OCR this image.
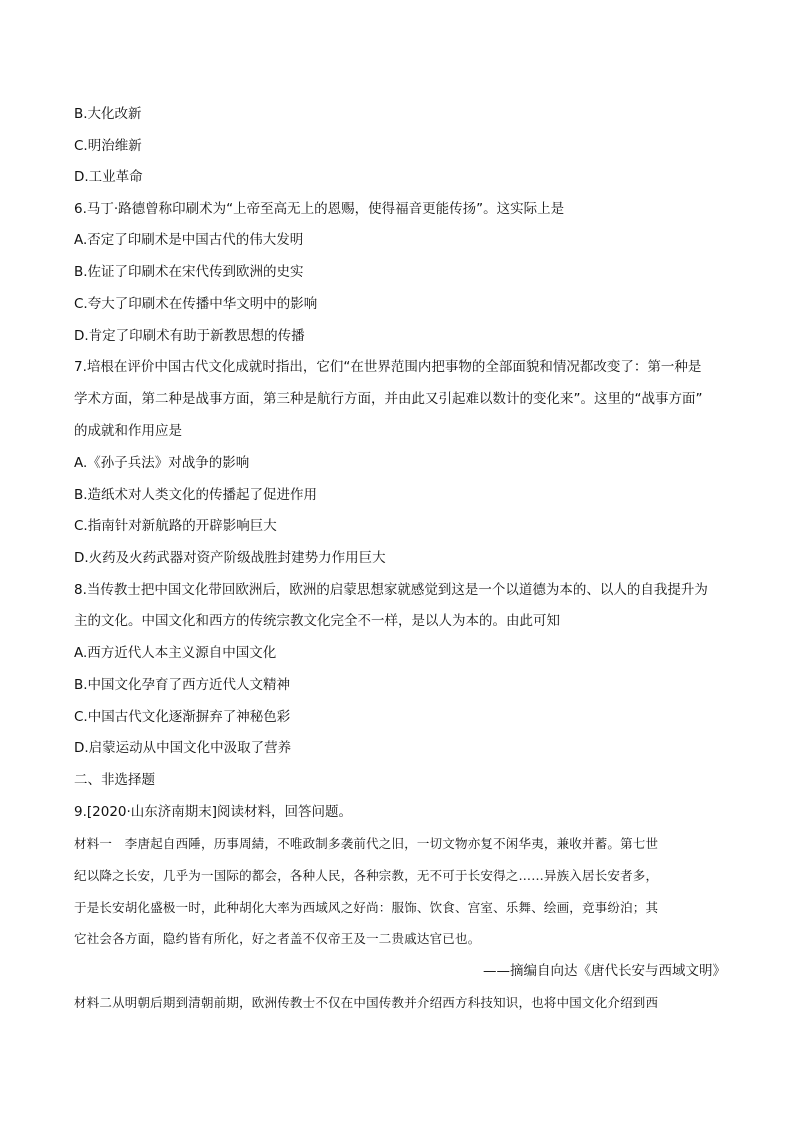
B.大化改新
C.明治维新
D.工业革命
6.马丁·路德曾称印刷术为“上帝至高无上的恩赐，使得福音更能传扬”。这实际上是
A.否定了印刷术是中国古代的伟大发明
B.佐证了印刷术在宋代传到欧洲的史实
C.夸大了印刷术在传播中华文明中的影响
D.肯定了印刷术有助于新教思想的传播
7.培根在评价中国古代文化成就时指出，它们“在世界范围内把事物的全部面貌和情况都改变了：第一种是
学术方面，第二种是战事方面，第三种是航行方面，并由此又引起难以数计的变化来”。这里的“战事方面”
的成就和作用应是
A.《孙子兵法》对战争的影响
B.造纸术对人类文化的传播起了促进作用
C.指南针对新航路的开辟影响巨大
D.火药及火药武器对资产阶级战胜封建势力作用巨大
8.当传教士把中国文化带回欧洲后，欧洲的启蒙思想家就感觉到这是一个以道德为本的、以人的自我提升为
主的文化。中国文化和西方的传统宗教文化完全不一样，是以人为本的。由此可知
A.西方近代人本主义源自中国文化
B.中国文化孕育了西方近代人文精神
C.中国古代文化逐渐摒弃了神秘色彩
D.启蒙运动从中国文化中汲取了营养
二、非选择题
9.[2020·山东济南期末]阅读材料，回答问题。
材料一　李唐起自西陲，历事周綪，不唯政制多袭前代之旧，一切文物亦复不闲华夷，兼收并蓄。第七世
纪以降之长安，几乎为一国际的都会，各种人民，各种宗教，无不可于长安得之……异族入居长安者多，
于是长安胡化盛极一时，此种胡化大率为西域风之好尚：服饰、饮食、宫室、乐舞、绘画，竞事纷泊；其
它社会各方面，隐约皆有所化，好之者盖不仅帝王及一二贵戚达官已也。
——摘编自向达《唐代长安与西域文明》
材料二从明朝后期到清朝前期，欧洲传教士不仅在中国传教并介绍西方科技知识，也将中国文化介绍到西
